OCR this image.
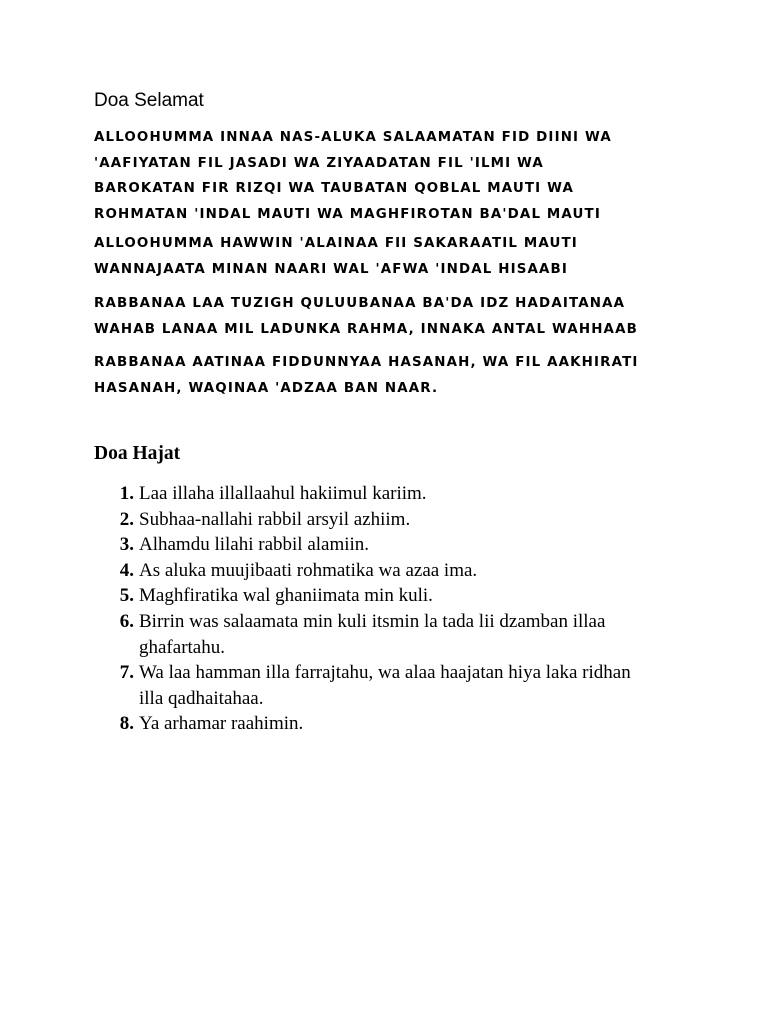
Doa Selamat

ALLOOHUMMA INNAA NAS-ALUKA SALAAMATAN FID DIINI WA
'AAFIYATAN FIL JASADI WA ZIYAADATAN FIL 'ILMI WA
BAROKATAN FIR RIZQI WA TAUBATAN QOBLAL MAUTI WA
ROHMATAN 'INDAL MAUTI WA MAGHFIROTAN BA'DAL MAUTI

ALLOOHUMMA HAWWIN 'ALAINAA FII SAKARAATIL MAUTI
WANNAJAATA MINAN NAARI WAL 'AFWA 'INDAL HISAABI

RABBANAA LAA TUZIGH QULUUBANAA BA'DA IDZ HADAITANAA
WAHAB LANAA MIL LADUNKA RAHMA, INNAKA ANTAL WAHHAAB

RABBANAA AATINAA FIDDUNNYAA HASANAH, WA FIL AAKHIRATI
HASANAH, WAQINAA 'ADZAA BAN NAAR.

Doa Hajat
1. Laa illaha illallaahul hakiimul kariim.
2. Subhaa-nallahi rabbil arsyil azhiim.
3. Alhamdu lilahi rabbil alamiin.
4. As aluka muujibaati rohmatika wa azaa ima.
5. Maghfiratika wal ghaniimata min kuli.
6. Birrin was salaamata min kuli itsmin la tada lii dzamban illaa
ghafartahu.
7. Wa laa hamman illa farrajtahu, wa alaa haajatan hiya laka ridhan
illa qadhaitahaa.
8. Ya arhamar raahimin.
